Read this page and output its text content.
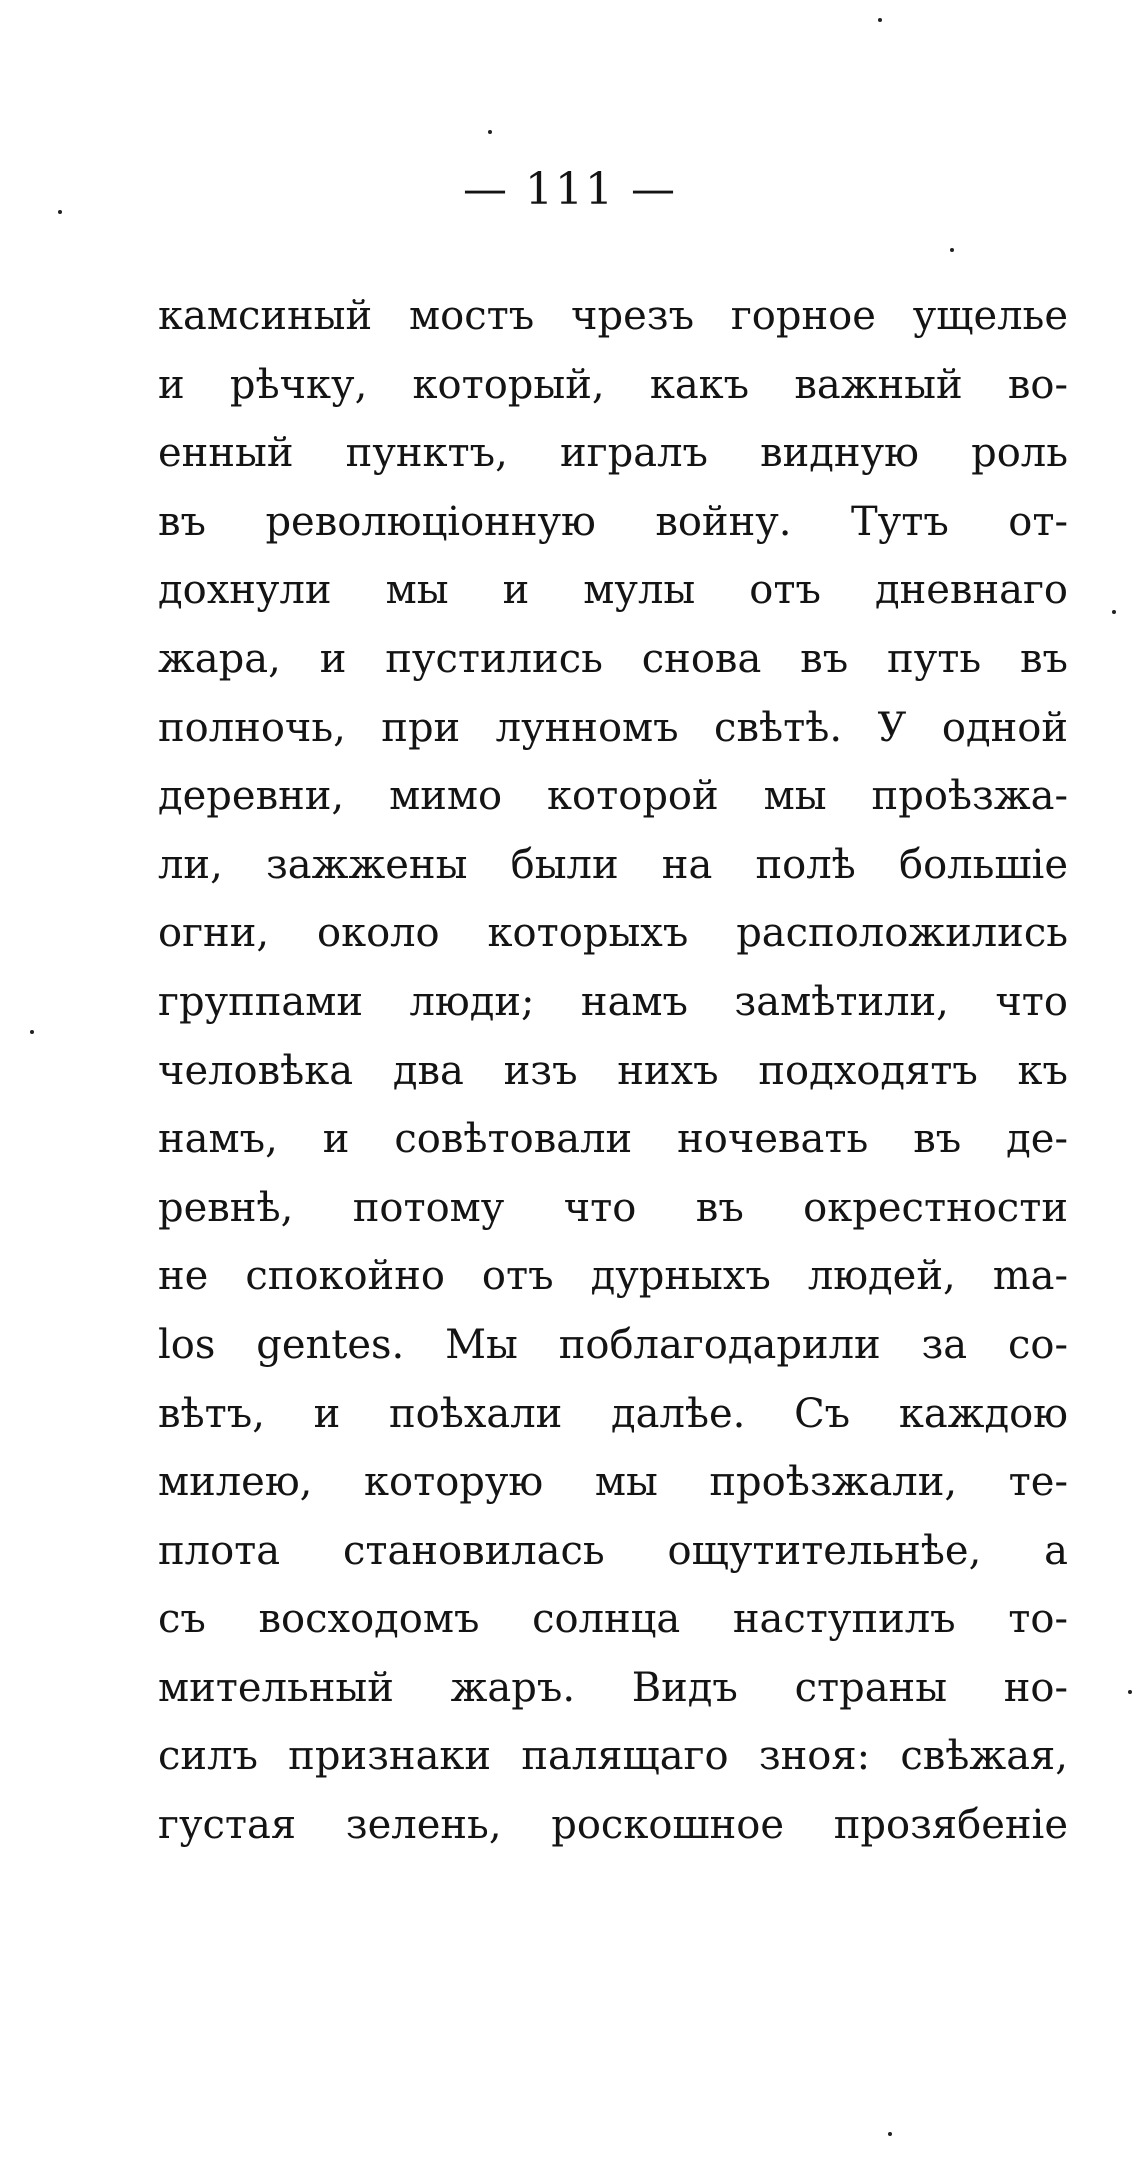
— 111 —
камсиный мостъ чрезъ горное ущелье
и рѣчку, который, какъ важный во-
енный пунктъ, игралъ видную роль
въ революціонную войну. Тутъ от-
дохнули мы и мулы отъ дневнаго
жара, и пустились снова въ путь въ
полночь, при лунномъ свѣтѣ. У одной
деревни, мимо которой мы проѣзжа-
ли, зажжены были на полѣ большіе
огни, около которыхъ расположились
группами люди; намъ замѣтили, что
человѣка два изъ нихъ подходятъ къ
намъ, и совѣтовали ночевать въ де-
ревнѣ, потому что въ окрестности
не спокойно отъ дурныхъ людей, ma-
los gentes. Мы поблагодарили за со-
вѣтъ, и поѣхали далѣе. Съ каждою
милею, которую мы проѣзжали, те-
плота становилась ощутительнѣе, а
съ восходомъ солнца наступилъ то-
мительный жаръ. Видъ страны но-
силъ признаки палящаго зноя: свѣжая,
густая зелень, роскошное прозябеніе
